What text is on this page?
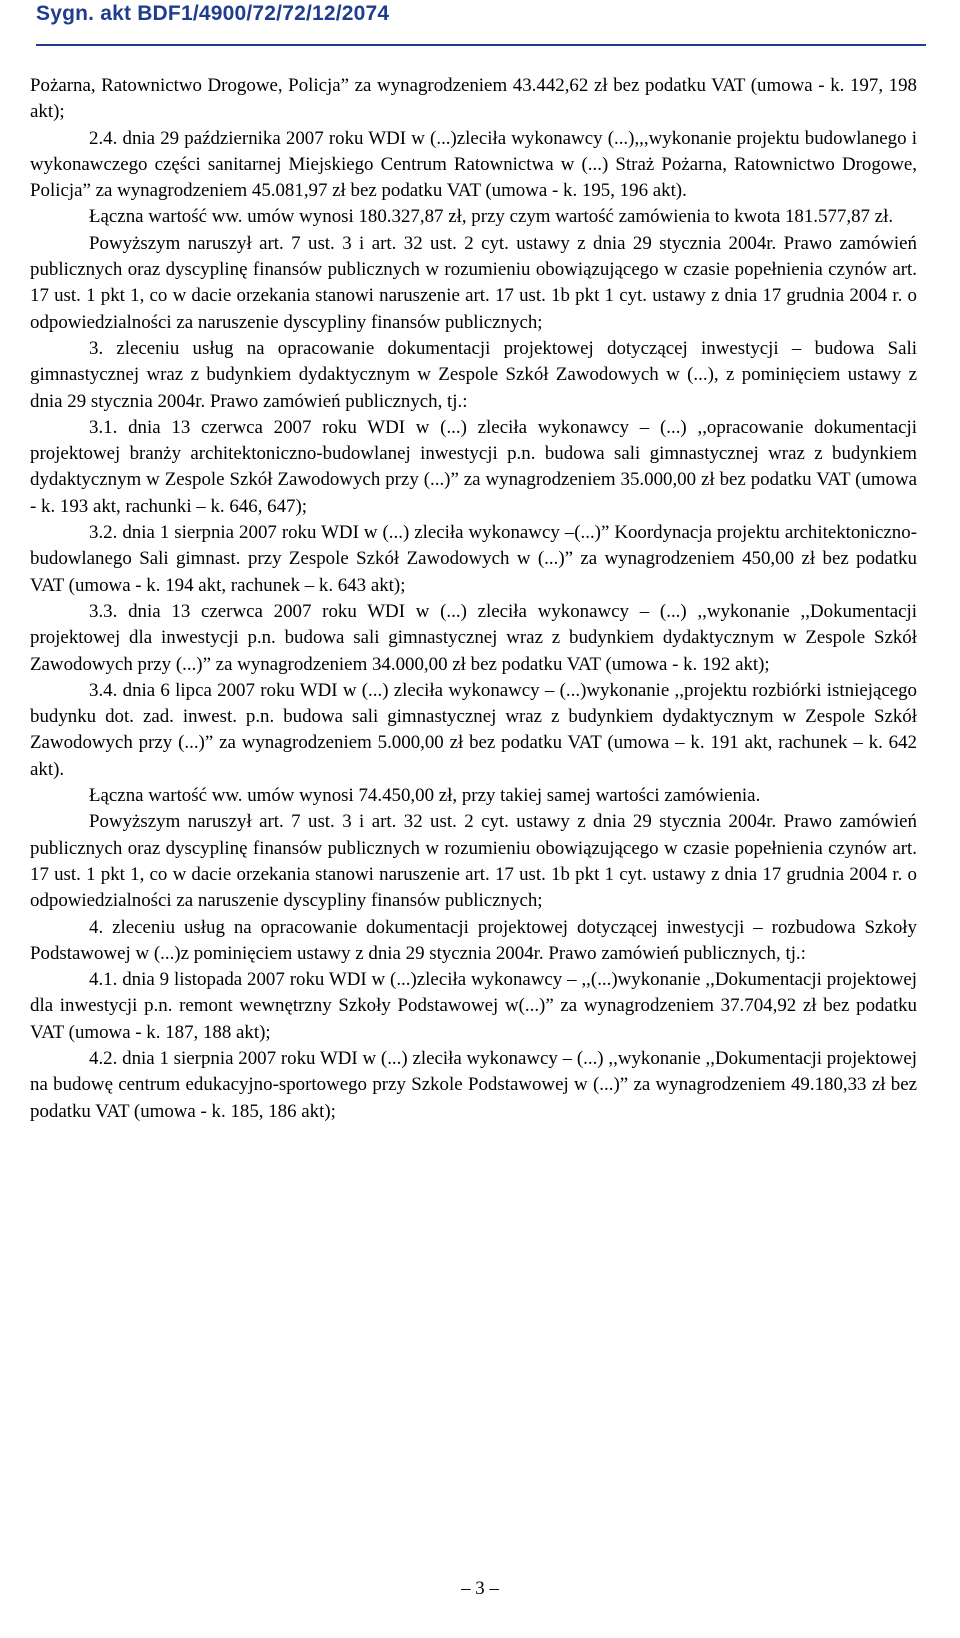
Sygn. akt BDF1/4900/72/72/12/2074

Pożarna, Ratownictwo Drogowe, Policja” za wynagrodzeniem 43.442,62 zł bez podatku VAT (umowa - k. 197, 198 akt);

2.4. dnia 29 października 2007 roku WDI w (...)zleciła wykonawcy (...),,,wykonanie projektu budowlanego i wykonawczego części sanitarnej Miejskiego Centrum Ratownictwa w (...) Straż Pożarna, Ratownictwo Drogowe, Policja” za wynagrodzeniem 45.081,97 zł bez podatku VAT (umowa - k. 195, 196 akt).

Łączna wartość ww. umów wynosi 180.327,87 zł, przy czym wartość zamówienia to kwota 181.577,87 zł.

Powyższym naruszył art. 7 ust. 3 i art. 32 ust. 2 cyt. ustawy z dnia 29 stycznia 2004r. Prawo zamówień publicznych oraz dyscyplinę finansów publicznych w rozumieniu obowiązującego w czasie popełnienia czynów art. 17 ust. 1 pkt 1, co w dacie orzekania stanowi naruszenie art. 17 ust. 1b pkt 1 cyt. ustawy z dnia 17 grudnia 2004 r. o odpowiedzialności za naruszenie dyscypliny finansów publicznych;

3. zleceniu usług na opracowanie dokumentacji projektowej dotyczącej inwestycji – budowa Sali gimnastycznej wraz z budynkiem dydaktycznym w Zespole Szkół Zawodowych w (...), z pominięciem ustawy z dnia 29 stycznia 2004r. Prawo zamówień publicznych, tj.:

3.1. dnia 13 czerwca 2007 roku WDI w (...) zleciła wykonawcy – (...) ,,opracowanie dokumentacji projektowej branży architektoniczno-budowlanej inwestycji p.n. budowa sali gimnastycznej wraz z budynkiem dydaktycznym w Zespole Szkół Zawodowych przy (...)” za wynagrodzeniem 35.000,00 zł bez podatku VAT (umowa - k. 193 akt, rachunki – k. 646, 647);

3.2. dnia 1 sierpnia 2007 roku WDI w (...) zleciła wykonawcy –(...)” Koordynacja projektu architektoniczno-budowlanego Sali gimnast. przy Zespole Szkół Zawodowych w (...)” za wynagrodzeniem 450,00 zł bez podatku VAT (umowa - k. 194 akt, rachunek – k. 643 akt);

3.3. dnia 13 czerwca 2007 roku WDI w (...) zleciła wykonawcy – (...) ,,wykonanie ,,Dokumentacji projektowej dla inwestycji p.n. budowa sali gimnastycznej wraz z budynkiem dydaktycznym w Zespole Szkół Zawodowych przy (...)” za wynagrodzeniem 34.000,00 zł bez podatku VAT (umowa - k. 192 akt);

3.4. dnia 6 lipca 2007 roku WDI w (...) zleciła wykonawcy – (...)wykonanie ,,projektu rozbiórki istniejącego budynku dot. zad. inwest. p.n. budowa sali gimnastycznej wraz z budynkiem dydaktycznym w Zespole Szkół Zawodowych przy (...)” za wynagrodzeniem 5.000,00 zł bez podatku VAT (umowa – k. 191 akt, rachunek – k. 642 akt).

Łączna wartość ww. umów wynosi 74.450,00 zł, przy takiej samej wartości zamówienia.

Powyższym naruszył art. 7 ust. 3 i art. 32 ust. 2 cyt. ustawy z dnia 29 stycznia 2004r. Prawo zamówień publicznych oraz dyscyplinę finansów publicznych w rozumieniu obowiązującego w czasie popełnienia czynów art. 17 ust. 1 pkt 1, co w dacie orzekania stanowi naruszenie art. 17 ust. 1b pkt 1 cyt. ustawy z dnia 17 grudnia 2004 r. o odpowiedzialności za naruszenie dyscypliny finansów publicznych;

4. zleceniu usług na opracowanie dokumentacji projektowej dotyczącej inwestycji – rozbudowa Szkoły Podstawowej w (...)z pominięciem ustawy z dnia 29 stycznia 2004r. Prawo zamówień publicznych, tj.:

4.1. dnia 9 listopada 2007 roku WDI w (...)zleciła wykonawcy – ,,(...)wykonanie ,,Dokumentacji projektowej dla inwestycji p.n. remont wewnętrzny Szkoły Podstawowej w(...)” za wynagrodzeniem 37.704,92 zł bez podatku VAT (umowa - k. 187, 188 akt);

4.2. dnia 1 sierpnia 2007 roku WDI w (...) zleciła wykonawcy – (...) ,,wykonanie ,,Dokumentacji projektowej na budowę centrum edukacyjno-sportowego przy Szkole Podstawowej w (...)” za wynagrodzeniem 49.180,33 zł bez podatku VAT (umowa - k. 185, 186 akt);

– 3 –
